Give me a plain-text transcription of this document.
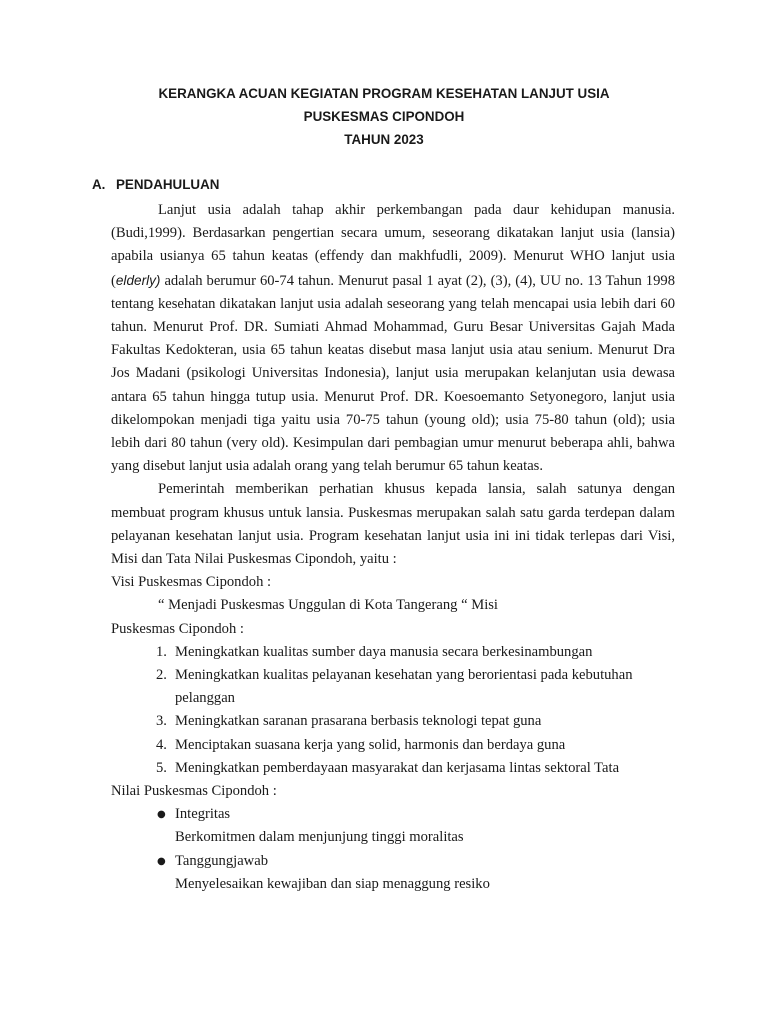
KERANGKA ACUAN KEGIATAN PROGRAM KESEHATAN LANJUT USIA
PUSKESMAS CIPONDOH
TAHUN 2023
A. PENDAHULUAN

Lanjut usia adalah tahap akhir perkembangan pada daur kehidupan manusia. (Budi,1999). Berdasarkan pengertian secara umum, seseorang dikatakan lanjut usia (lansia) apabila usianya 65 tahun keatas (effendy dan makhfudli, 2009). Menurut WHO lanjut usia (elderly) adalah berumur 60-74 tahun. Menurut pasal 1 ayat (2), (3), (4), UU no. 13 Tahun 1998 tentang kesehatan dikatakan lanjut usia adalah seseorang yang telah mencapai usia lebih dari 60 tahun. Menurut Prof. DR. Sumiati Ahmad Mohammad, Guru Besar Universitas Gajah Mada Fakultas Kedokteran, usia 65 tahun keatas disebut masa lanjut usia atau senium. Menurut Dra Jos Madani (psikologi Universitas Indonesia), lanjut usia merupakan kelanjutan usia dewasa antara 65 tahun hingga tutup usia. Menurut Prof. DR. Koesoemanto Setyonegoro, lanjut usia dikelompokan menjadi tiga yaitu usia 70-75 tahun (young old); usia 75-80 tahun (old); usia lebih dari 80 tahun (very old). Kesimpulan dari pembagian umur menurut beberapa ahli, bahwa yang disebut lanjut usia adalah orang yang telah berumur 65 tahun keatas.

Pemerintah memberikan perhatian khusus kepada lansia, salah satunya dengan membuat program khusus untuk lansia. Puskesmas merupakan salah satu garda terdepan dalam pelayanan kesehatan lanjut usia. Program kesehatan lanjut usia ini ini tidak terlepas dari Visi, Misi dan Tata Nilai Puskesmas Cipondoh, yaitu :

Visi Puskesmas Cipondoh :

“ Menjadi Puskesmas Unggulan di Kota Tangerang “ Misi

Puskesmas Cipondoh :

1. Meningkatkan kualitas sumber daya manusia secara berkesinambungan
2. Meningkatkan kualitas pelayanan kesehatan yang berorientasi pada kebutuhan pelanggan
3. Meningkatkan saranan prasarana berbasis teknologi tepat guna
4. Menciptakan suasana kerja yang solid, harmonis dan berdaya guna
5. Meningkatkan pemberdayaan masyarakat dan kerjasama lintas sektoral Tata

Nilai Puskesmas Cipondoh :

● Integritas

Berkomitmen dalam menjunjung tinggi moralitas

● Tanggungjawab

Menyelesaikan kewajiban dan siap menaggung resiko
